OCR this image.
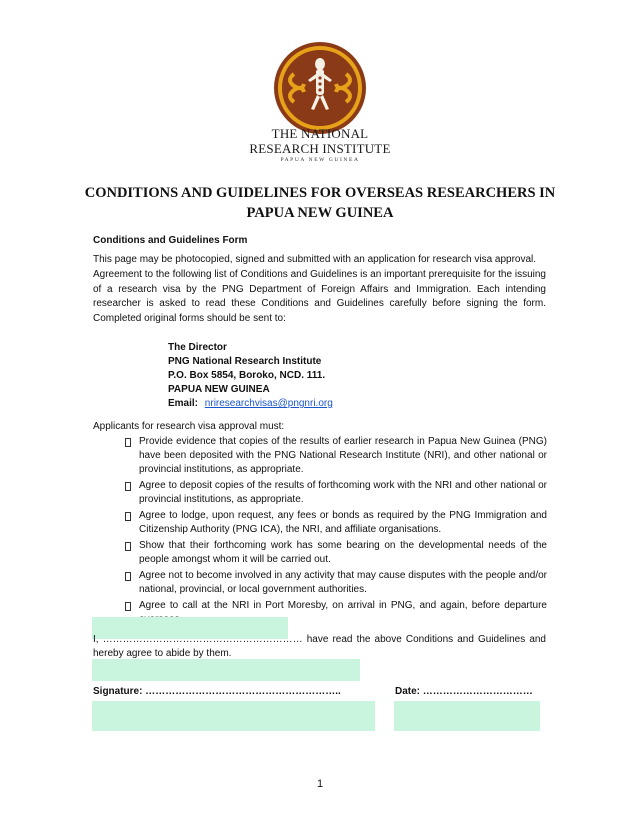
THE NATIONAL
RESEARCH INSTITUTE
PAPUA NEW GUINEA
CONDITIONS AND GUIDELINES FOR OVERSEAS RESEARCHERS IN
PAPUA NEW GUINEA
Conditions and Guidelines Form
This page may be photocopied, signed and submitted with an application for research visa approval.
Agreement to the following list of Conditions and Guidelines is an important prerequisite for the issuing of a research visa by the PNG Department of Foreign Affairs and Immigration. Each intending researcher is asked to read these Conditions and Guidelines carefully before signing the form. Completed original forms should be sent to:
The Director
PNG National Research Institute
P.O. Box 5854, Boroko, NCD. 111.
PAPUA NEW GUINEA
Email: nriresearchvisas@pngnri.org
Applicants for research visa approval must:
Provide evidence that copies of the results of earlier research in Papua New Guinea (PNG) have been deposited with the PNG National Research Institute (NRI), and other national or provincial institutions, as appropriate.
Agree to deposit copies of the results of forthcoming work with the NRI and other national or provincial institutions, as appropriate.
Agree to lodge, upon request, any fees or bonds as required by the PNG Immigration and Citizenship Authority (PNG ICA), the NRI, and affiliate organisations.
Show that their forthcoming work has some bearing on the developmental needs of the people amongst whom it will be carried out.
Agree not to become involved in any activity that may cause disputes with the people and/or national, provincial, or local government authorities.
Agree to call at the NRI in Port Moresby, on arrival in PNG, and again, before departure
I, …………………………………………………… have read the above Conditions and Guidelines and hereby agree to abide by them.
Signature: …………………………………………………..	Date: ……………………………
1
